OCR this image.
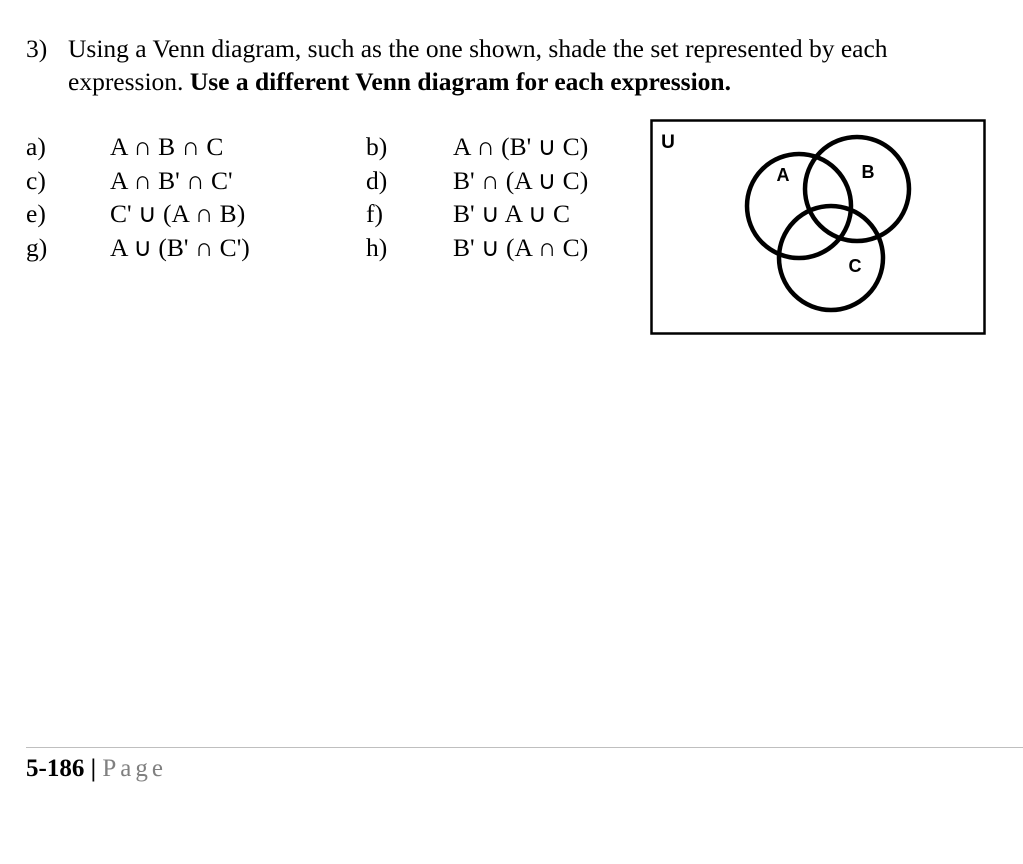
3) Using a Venn diagram, such as the one shown, shade the set represented by each expression. Use a different Venn diagram for each expression.
a)	A ∩ B ∩ C	b)	A ∩ (B' ∪ C)
c)	A ∩ B' ∩ C'	d)	B' ∩ (A ∪ C)
e)	C' ∪ (A ∩ B)	f)	B' ∪ A ∪ C
g) A ∪ (B' ∩ C')	h)	B' ∪ (A ∩ C)
U
A	B
C
5-186 | Page
